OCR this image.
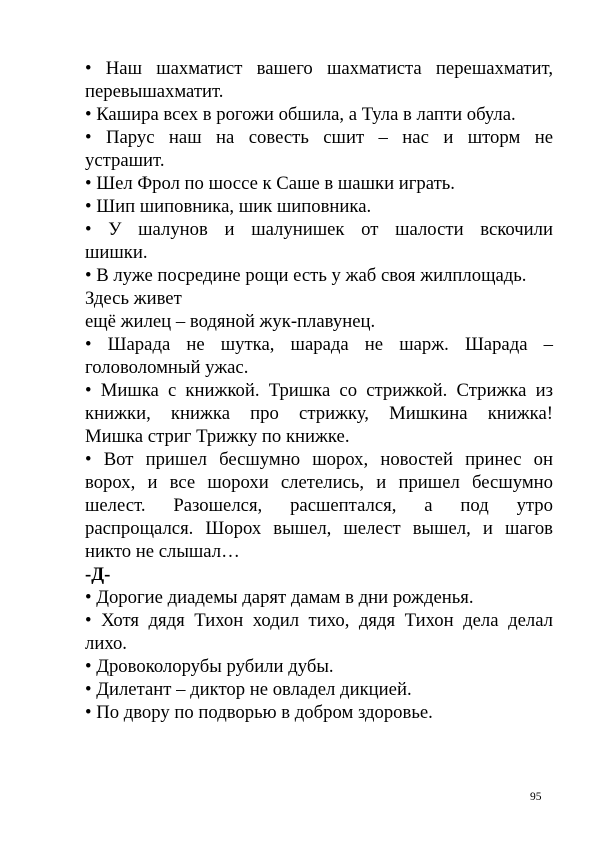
• Наш шахматист вашего шахматиста перешахматит,

перевышахматит.

• Кашира всех в рогожи обшила, а Тула в лапти обула.

• Парус наш на совесть сшит – нас и шторм не

устрашит.

• Шел Фрол по шоссе к Саше в шашки играть.

• Шип шиповника, шик шиповника.

• У шалунов и шалунишек от шалости вскочили

шишки.

• В луже посредине рощи есть у жаб своя жилплощадь.

Здесь живет

ещё жилец – водяной жук-плавунец.

• Шарада не шутка, шарада не шарж. Шарада –

головоломный ужас.

• Мишка с книжкой. Тришка со стрижкой. Стрижка из

книжки, книжка про стрижку, Мишкина книжка!

Мишка стриг Трижку по книжке.

• Вот пришел бесшумно шорох, новостей принес он

ворох, и все шорохи слетелись, и пришел бесшумно

шелест. Разошелся, расшептался, а под утро

распрощался. Шорох вышел, шелест вышел, и шагов

никто не слышал…

-Д-

• Дорогие диадемы дарят дамам в дни рожденья.

• Хотя дядя Тихон ходил тихо, дядя Тихон дела делал

лихо.

• Дровоколорубы рубили дубы.

• Дилетант – диктор не овладел дикцией.

• По двору по подворью в добром здоровье.

95
